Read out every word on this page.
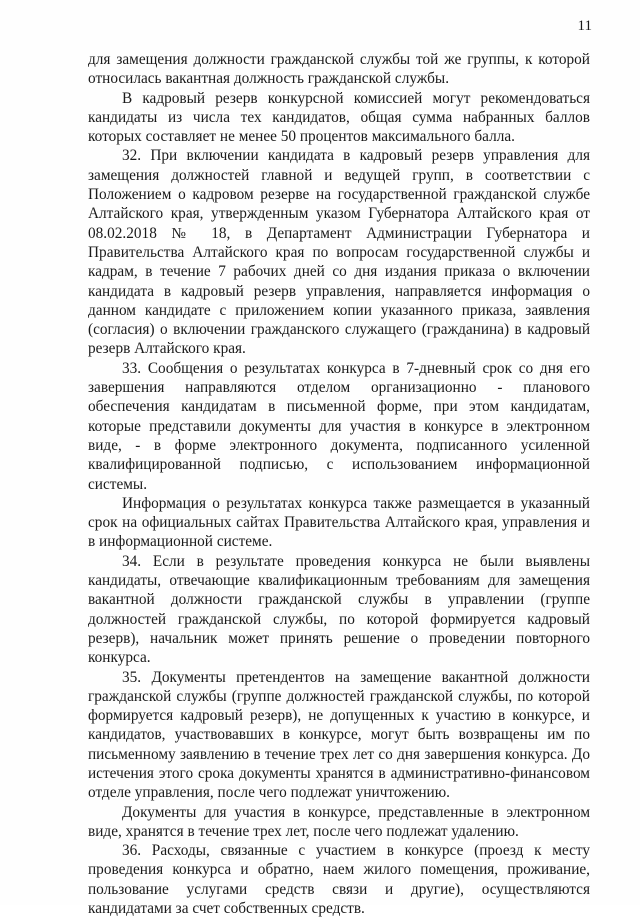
11

для замещения должности гражданской службы той же группы, к которой относилась вакантная должность гражданской службы.

В кадровый резерв конкурсной комиссией могут рекомендоваться кандидаты из числа тех кандидатов, общая сумма набранных баллов которых составляет не менее 50 процентов максимального балла.

32. При включении кандидата в кадровый резерв управления для замещения должностей главной и ведущей групп, в соответствии с Положением о кадровом резерве на государственной гражданской службе Алтайского края, утвержденным указом Губернатора Алтайского края от 08.02.2018 № 18, в Департамент Администрации Губернатора и Правительства Алтайского края по вопросам государственной службы и кадрам, в течение 7 рабочих дней со дня издания приказа о включении кандидата в кадровый резерв управления, направляется информация о данном кандидате с приложением копии указанного приказа, заявления (согласия) о включении гражданского служащего (гражданина) в кадровый резерв Алтайского края.

33. Сообщения о результатах конкурса в 7-дневный срок со дня его завершения направляются отделом организационно - планового обеспечения кандидатам в письменной форме, при этом кандидатам, которые представили документы для участия в конкурсе в электронном виде, - в форме электронного документа, подписанного усиленной квалифицированной подписью, с использованием информационной системы.

Информация о результатах конкурса также размещается в указанный срок на официальных сайтах Правительства Алтайского края, управления и в информационной системе.

34. Если в результате проведения конкурса не были выявлены кандидаты, отвечающие квалификационным требованиям для замещения вакантной должности гражданской службы в управлении (группе должностей гражданской службы, по которой формируется кадровый резерв), начальник может принять решение о проведении повторного конкурса.

35. Документы претендентов на замещение вакантной должности гражданской службы (группе должностей гражданской службы, по которой формируется кадровый резерв), не допущенных к участию в конкурсе, и кандидатов, участвовавших в конкурсе, могут быть возвращены им по письменному заявлению в течение трех лет со дня завершения конкурса. До истечения этого срока документы хранятся в административно-финансовом отделе управления, после чего подлежат уничтожению.

Документы для участия в конкурсе, представленные в электронном виде, хранятся в течение трех лет, после чего подлежат удалению.

36. Расходы, связанные с участием в конкурсе (проезд к месту проведения конкурса и обратно, наем жилого помещения, проживание, пользование услугами средств связи и другие), осуществляются кандидатами за счет собственных средств.
